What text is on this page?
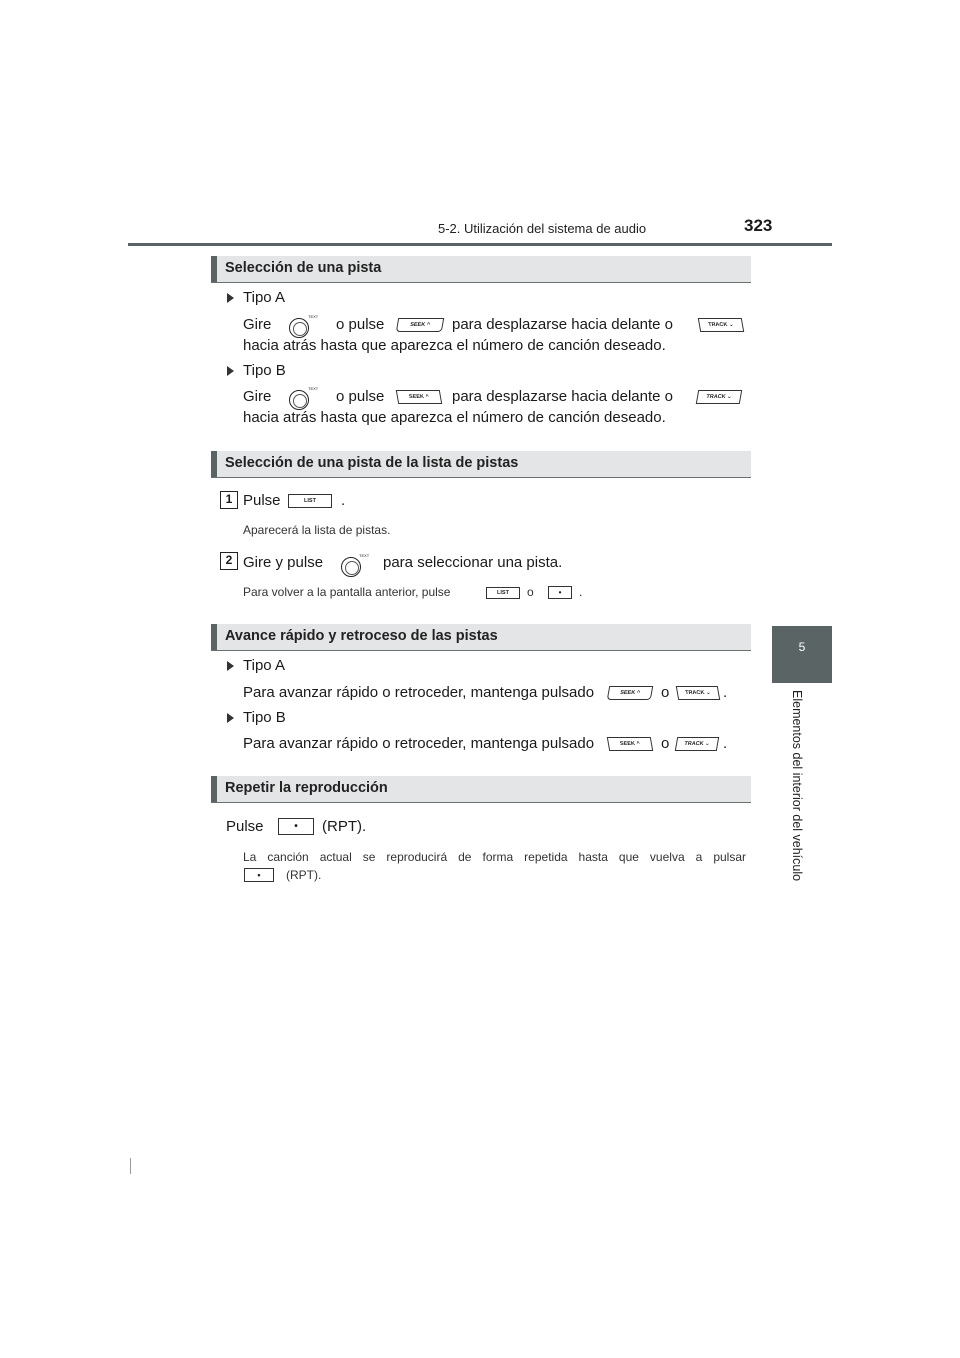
5-2. Utilización del sistema de audio	323
5
Elementos del interior del vehículo
Selección de una pista
Tipo A
Gire	TEXT o pulse	SEEK ^	para desplazarse hacia delante o	TRACK ⌄
hacia atrás hasta que aparezca el número de canción deseado.
Tipo B
Gire	TEXT o pulse	SEEK ^	para desplazarse hacia delante o	TRACK ⌄
hacia atrás hasta que aparezca el número de canción deseado.
Selección de una pista de la lista de pistas
1 Pulse	LIST	.
Aparecerá la lista de pistas.
2 Gire y pulse	TEXT para seleccionar una pista.
Para volver a la pantalla anterior, pulse	LIST	o	•	.
Avance rápido y retroceso de las pistas
Tipo A
Para avanzar rápido o retroceder, mantenga pulsado	SEEK ^	o	TRACK ⌄ .
Tipo B
Para avanzar rápido o retroceder, mantenga pulsado	SEEK ^	o	TRACK ⌄ .
Repetir la reproducción
Pulse	•	(RPT).
La canción actual se reproducirá de forma repetida hasta que vuelva a pulsar
•	(RPT).
